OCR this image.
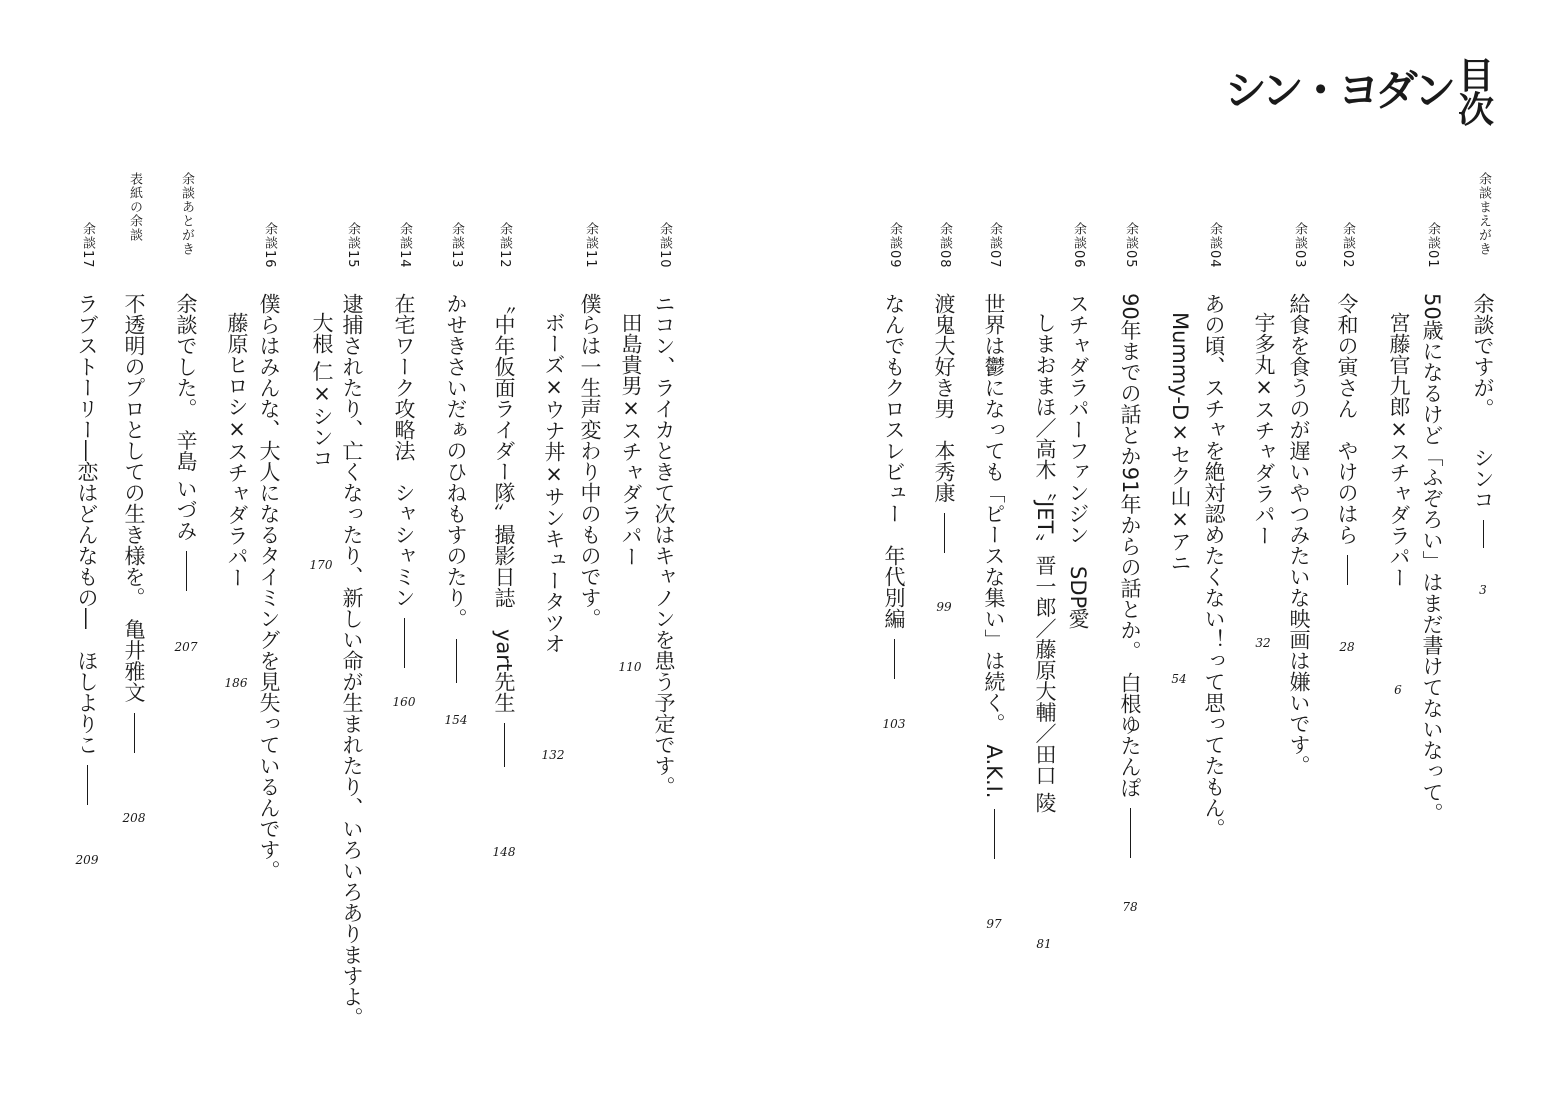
シン・ヨダン 目次
余談まえがき
余談ですが。シンコ
3
余談01
50歳になるけど「ふぞろい」はまだ書けてないなって。
宮藤官九郎×スチャダラパー
6
余談02
令和の寅さん　やけのはら
28
余談03
給食を食うのが遅いやつみたいな映画は嫌いです。
宇多丸×スチャダラパー
32
余談04
あの頃、スチャを絶対認めたくない！って思ってたもん。
Mummy-D×セク山×アニ
54
余談05
90年までの話とか91年からの話とか。　白根ゆたんぽ
78
余談06
スチャダラパーファンジン　SDP愛
しまおまほ／高木〝JET〟晋一郎／藤原大輔／田口 陵
81
余談07
世界は鬱になっても「ピースな集い」は続く。　A.K.I.
97
余談08
渡鬼大好き男　本秀康
99
余談09
なんでもクロスレビュー　年代別編
103
余談10
ニコン、ライカときて次はキャノンを患う予定です。
田島貴男×スチャダラパー
110
余談11
僕らは一生声変わり中のものです。
ボーズ×ウナ丼×サンキュータツオ
132
余談12
〝中年仮面ライダー隊〟撮影日誌　yart先生
148
余談13
かせきさいだぁのひねもすのたり。
154
余談14
在宅ワーク攻略法　シャシャミン
160
余談15
逮捕されたり、亡くなったり、新しい命が生まれたり、いろいろありますよ。
大根 仁×シンコ
170
余談16
僕らはみんな、大人になるタイミングを見失っているんです。
藤原ヒロシ×スチャダラパー
186
余談あとがき
余談でした。　辛島 いづみ
207
表紙の余談
不透明のプロとしての生き様を。　亀井雅文
208
余談17
ラブストーリー―恋はどんなもの―　ほしよりこ
209
